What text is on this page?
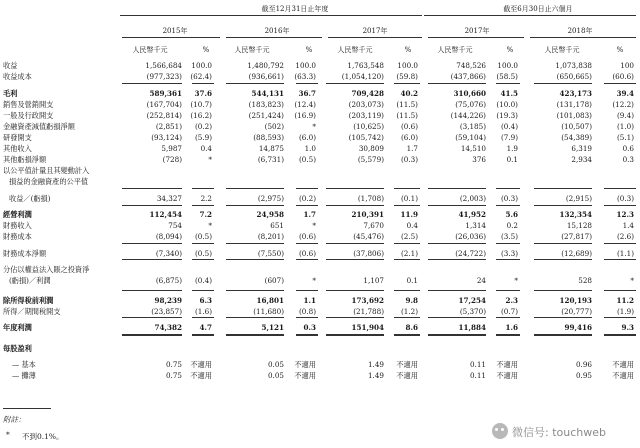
截至12月31日止年度	截至6月30日止六個月
2015年	2016年	2017年	2017年	2018年
人民幣千元	%	人民幣千元	%	人民幣千元	%	人民幣千元	%	人民幣千元	%
收益	1,566,684 100.0	1,480,792 100.0	1,763,548 100.0	748,526 100.0	1,073,838	100
收益成本	(977,323) (62.4)	(936,661) (63.3)	(1,054,120) (59.8)	(437,866) (58.5)	(650,665)	(60.6)
毛利	589,361 37.6	544,131 36.7	709,428 40.2	310,660 41.5	423,173	39.4
銷售及營銷開支	(167,704) (10.7)	(183,823) (12.4)	(203,073) (11.5)	(75,076) (10.0)	(131,178)	(12.2)
一般及行政開支	(252,814) (16.2)	(251,424) (16.9)	(203,119) (11.5)	(144,226) (19.3)	(101,083)	(9.4)
金融資產減值虧損淨額	(2,851) (0.2)	(502)	*	(10,625) (0.6)	(3,185) (0.4)	(10,507)	(1.0)
研發開支	(93,124) (5.9)	(88,593) (6.0)	(105,742) (6.0)	(59,104) (7.9)	(54,389)	(5.1)
其他收入	5,987	0.4	14,875	1.0	30,809	1.7	14,510	1.9	6,319	0.6
其他虧損淨額	(728)	*	(6,731) (0.5)	(5,579) (0.3)	376	0.1	2,934	0.3
以公平值計量且其變動計入
損益的金融資產的公平值
收益／(虧損)	34,327	2.2	(2,975) (0.2)	(1,708) (0.1)	(2,003) (0.3)	(2,915)	(0.3)
經營利潤	112,454 7.2	24,958	1.7	210,391 11.9	41,952	5.6	132,354	12.3
財務收入	754	*	651	*	7,670	0.4	1,314	0.2	15,128	1.4
財務成本	(8,094) (0.5)	(8,201) (0.6)	(45,476) (2.5)	(26,036) (3.5)	(27,817)	(2.6)
財務成本淨額	(7,340) (0.5)	(7,550) (0.6)	(37,806) (2.1)	(24,722) (3.3)	(12,689)	(1.1)
分佔以權益法入賬之投資淨
(虧損)／利潤	(6,875) (0.4)	(607)	*	1,107	0.1	24	*	528	*
除所得稅前利潤	98,239 6.3	16,801	1.1	173,692	9.8	17,254	2.3	120,193	11.2
所得／期間稅開支	(23,857) (1.6)	(11,680) (0.8)	(21,788) (1.2)	(5,370) (0.7)	(20,777)	(1.9)
年度利潤	74,382 4.7	5,121	0.3	151,904	8.6	11,884	1.6	99,416	9.3
每股盈利
— 基本	0.75 不適用	0.05 不適用	1.49 不適用	0.11 不適用	0.96	不適用
— 攤薄	0.75 不適用	0.05 不適用	1.49 不適用	0.11 不適用	0.95	不適用
附註：
* 不到0.1%。	微信号: touchweb
